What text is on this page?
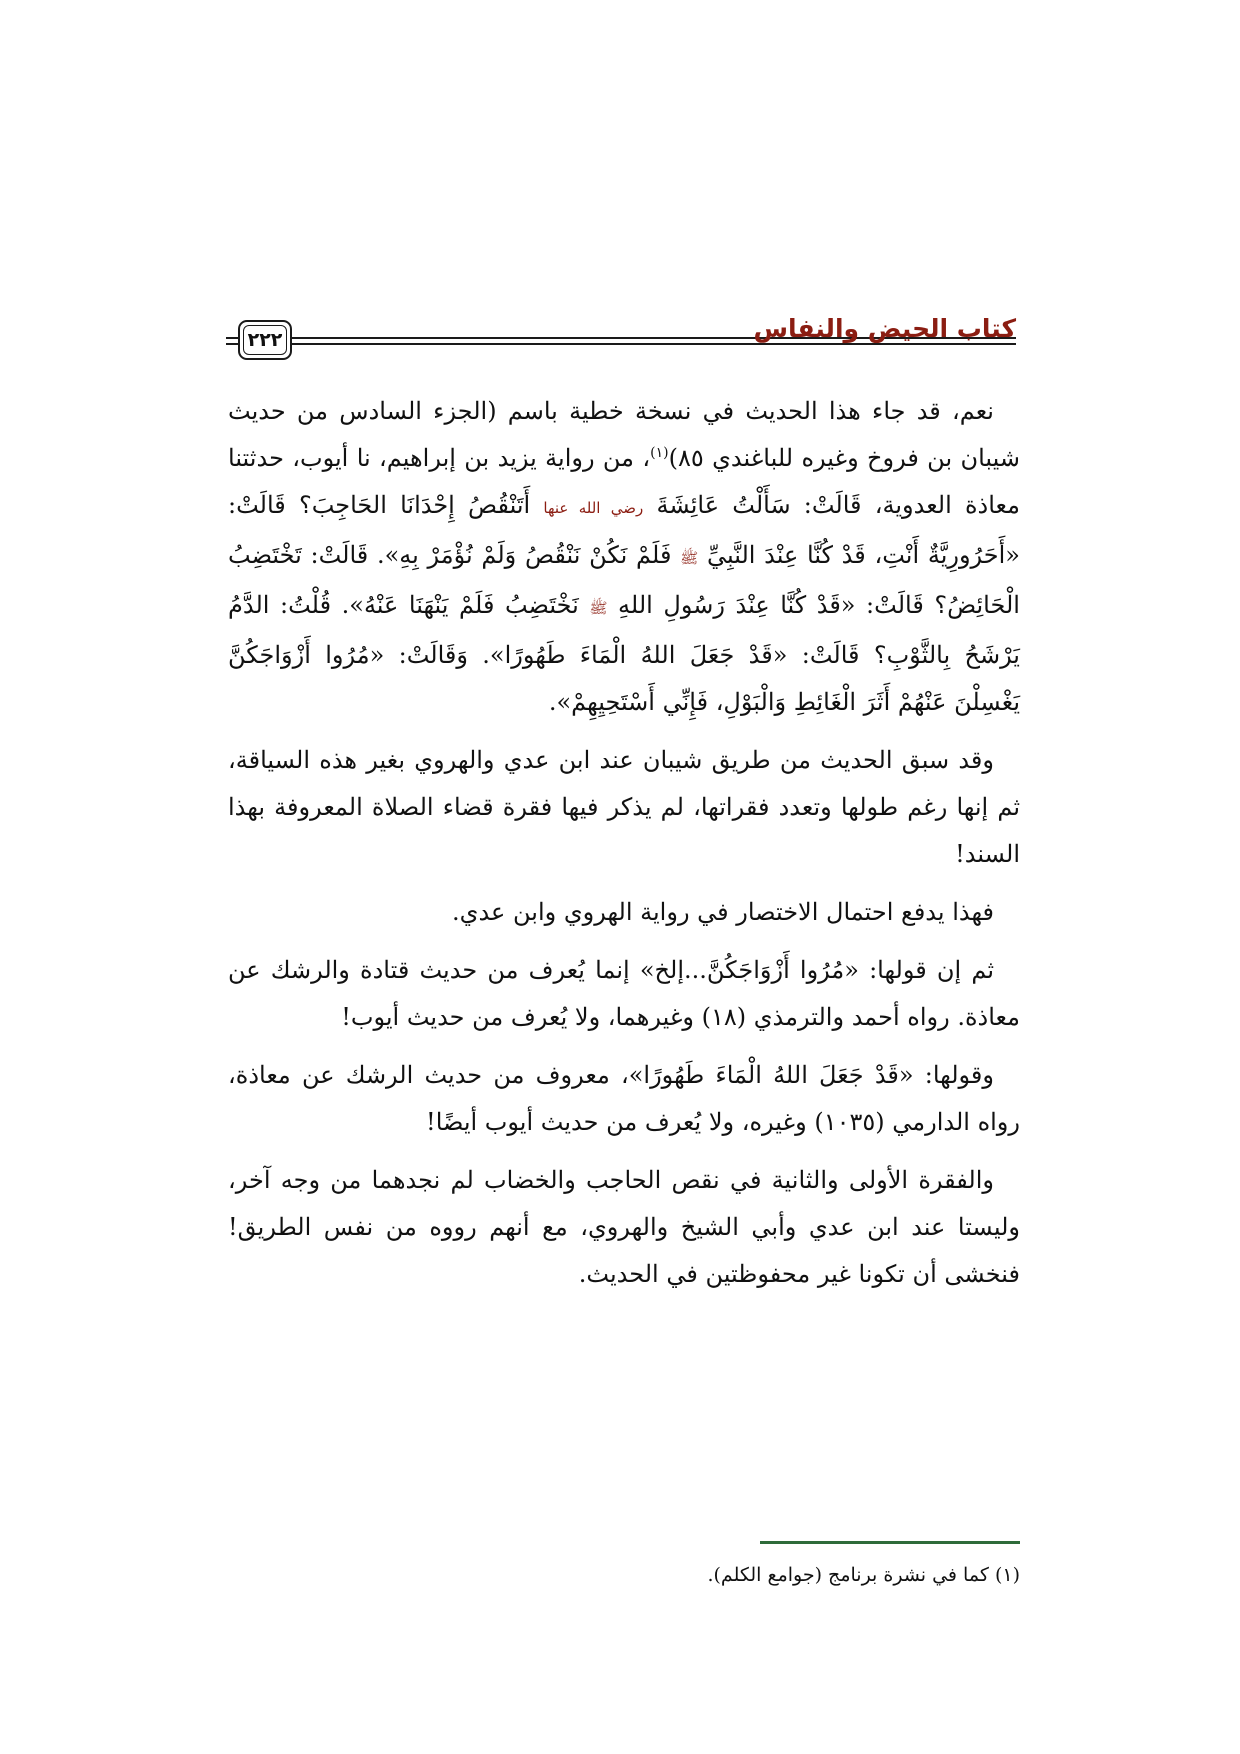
٢٢٢	كتاب الحيض والنفاس

نعم، قد جاء هذا الحديث في نسخة خطية باسم (الجزء السادس من حديث شيبان بن فروخ وغيره للباغندي ٨٥)$^{(١)}$، من رواية يزيد بن إبراهيم، نا أيوب، حدثتنا معاذة العدوية، قَالَتْ: سَأَلْتُ عَائِشَةَ رضي الله عنها أَتَنْقُصُ إِحْدَانَا الحَاجِبَ؟ قَالَتْ: «أَحَرُورِيَّةٌ أَنْتِ، قَدْ كُنَّا عِنْدَ النَّبِيِّ ﷺ فَلَمْ نَكُنْ نَنْقُصُ وَلَمْ نُؤْمَرْ بِهِ». قَالَتْ: تَخْتَضِبُ الْحَائِضُ؟ قَالَتْ: «قَدْ كُنَّا عِنْدَ رَسُولِ اللهِ ﷺ نَخْتَضِبُ فَلَمْ يَنْهَنَا عَنْهُ». قُلْتُ: الدَّمُ يَرْشَحُ بِالثَّوْبِ؟ قَالَتْ: «قَدْ جَعَلَ اللهُ الْمَاءَ طَهُورًا». وَقَالَتْ: «مُرُوا أَزْوَاجَكُنَّ يَغْسِلْنَ عَنْهُمْ أَثَرَ الْغَائِطِ وَالْبَوْلِ، فَإِنِّي أَسْتَحِيِهِمْ».

وقد سبق الحديث من طريق شيبان عند ابن عدي والهروي بغير هذه السياقة، ثم إنها رغم طولها وتعدد فقراتها، لم يذكر فيها فقرة قضاء الصلاة المعروفة بهذا السند!

فهذا يدفع احتمال الاختصار في رواية الهروي وابن عدي.

ثم إن قولها: «مُرُوا أَزْوَاجَكُنَّ...إلخ» إنما يُعرف من حديث قتادة والرشك عن معاذة. رواه أحمد والترمذي (١٨) وغيرهما، ولا يُعرف من حديث أيوب!

وقولها: «قَدْ جَعَلَ اللهُ الْمَاءَ طَهُورًا»، معروف من حديث الرشك عن معاذة، رواه الدارمي (١٠٣٥) وغيره، ولا يُعرف من حديث أيوب أيضًا!

والفقرة الأولى والثانية في نقص الحاجب والخضاب لم نجدهما من وجه آخر، وليستا عند ابن عدي وأبي الشيخ والهروي، مع أنهم رووه من نفس الطريق! فنخشى أن تكونا غير محفوظتين في الحديث.

(١) كما في نشرة برنامج (جوامع الكلم).
